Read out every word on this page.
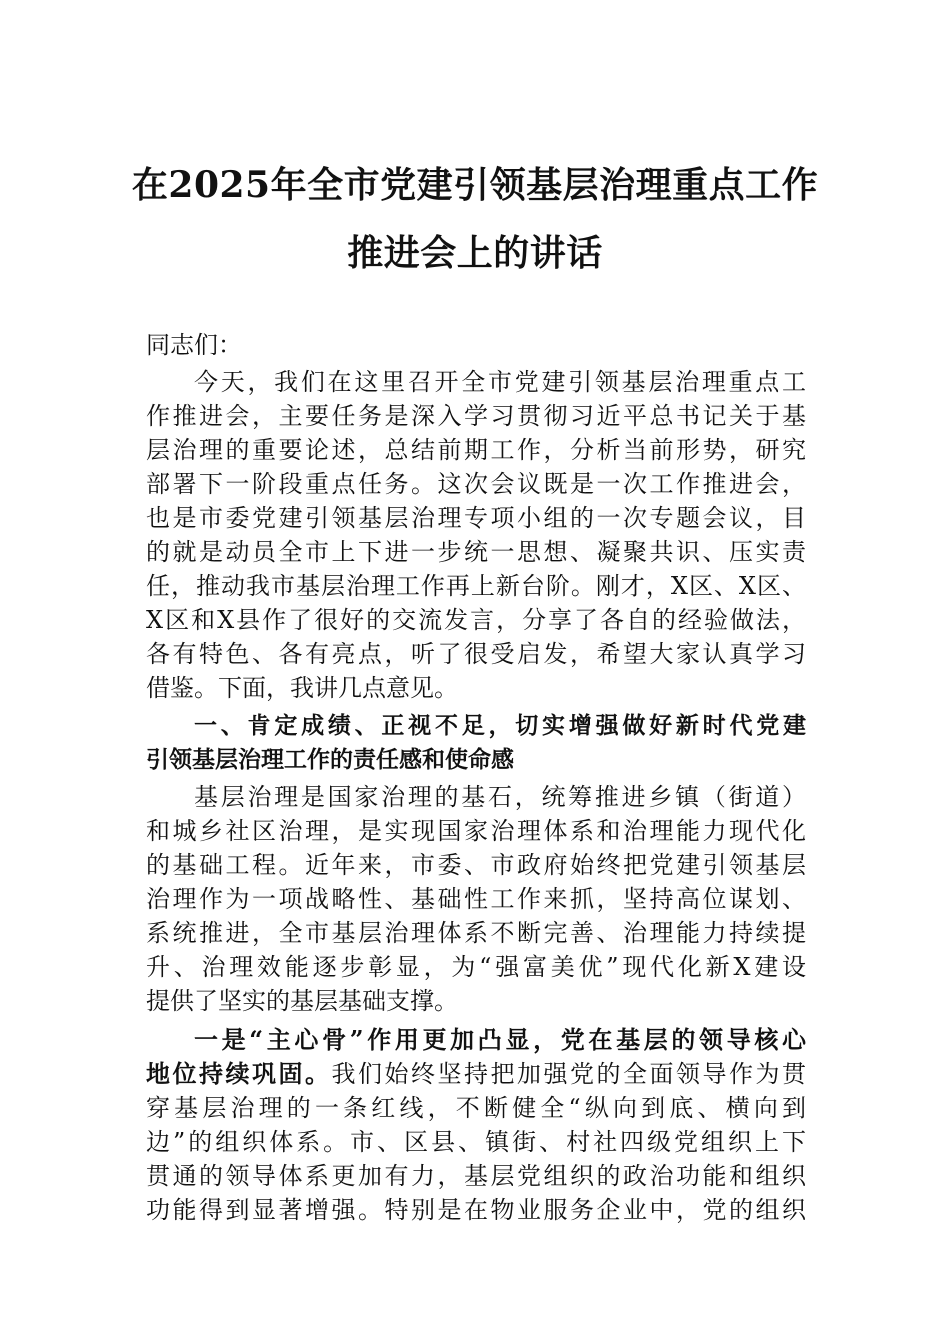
在2025年全市党建引领基层治理重点工作
推进会上的讲话
同志们：
今天，我们在这里召开全市党建引领基层治理重点工
作推进会，主要任务是深入学习贯彻习近平总书记关于基
层治理的重要论述，总结前期工作，分析当前形势，研究
部署下一阶段重点任务。这次会议既是一次工作推进会，
也是市委党建引领基层治理专项小组的一次专题会议，目
的就是动员全市上下进一步统一思想、凝聚共识、压实责
任，推动我市基层治理工作再上新台阶。刚才，X区、X区、
X区和X县作了很好的交流发言，分享了各自的经验做法，
各有特色、各有亮点，听了很受启发，希望大家认真学习
借鉴。下面，我讲几点意见。
一、肯定成绩、正视不足，切实增强做好新时代党建
引领基层治理工作的责任感和使命感
基层治理是国家治理的基石，统筹推进乡镇（街道）
和城乡社区治理，是实现国家治理体系和治理能力现代化
的基础工程。近年来，市委、市政府始终把党建引领基层
治理作为一项战略性、基础性工作来抓，坚持高位谋划、
系统推进，全市基层治理体系不断完善、治理能力持续提
升、治理效能逐步彰显，为“强富美优”现代化新X建设
提供了坚实的基层基础支撑。
一是“主心骨”作用更加凸显，党在基层的领导核心
地位持续巩固。我们始终坚持把加强党的全面领导作为贯
穿基层治理的一条红线，不断健全“纵向到底、横向到
边”的组织体系。市、区县、镇街、村社四级党组织上下
贯通的领导体系更加有力，基层党组织的政治功能和组织
功能得到显著增强。特别是在物业服务企业中，党的组织
